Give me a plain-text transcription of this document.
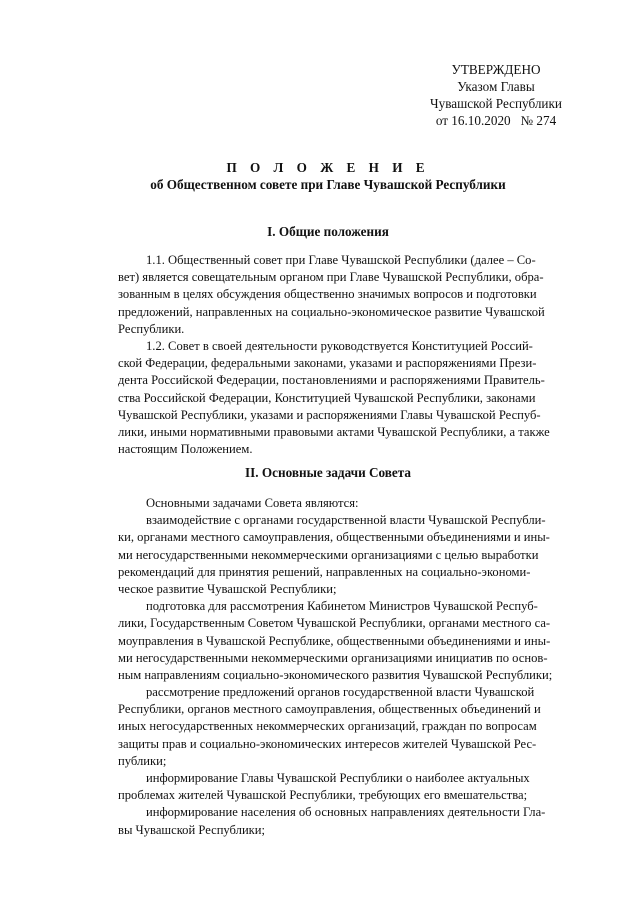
УТВЕРЖДЕНО
Указом Главы
Чувашской Республики
от 16.10.2020   № 274
П О Л О Ж Е Н И Е
об Общественном совете при Главе Чувашской Республики
I. Общие положения
1.1. Общественный совет при Главе Чувашской Республики (далее – Со-
вет) является совещательным органом при Главе Чувашской Республики, обра-
зованным в целях обсуждения общественно значимых вопросов и подготовки
предложений, направленных на социально-экономическое развитие Чувашской
Республики.
1.2. Совет в своей деятельности руководствуется Конституцией Россий-
ской Федерации, федеральными законами, указами и распоряжениями Прези-
дента Российской Федерации, постановлениями и распоряжениями Правитель-
ства Российской Федерации, Конституцией Чувашской Республики, законами
Чувашской Республики, указами и распоряжениями Главы Чувашской Респуб-
лики, иными нормативными правовыми актами Чувашской Республики, а также
настоящим Положением.
II. Основные задачи Совета
Основными задачами Совета являются:
взаимодействие с органами государственной власти Чувашской Республи-
ки, органами местного самоуправления, общественными объединениями и ины-
ми негосударственными некоммерческими организациями с целью выработки
рекомендаций для принятия решений, направленных на социально-экономи-
ческое развитие Чувашской Республики;
подготовка для рассмотрения Кабинетом Министров Чувашской Респуб-
лики, Государственным Советом Чувашской Республики, органами местного са-
моуправления в Чувашской Республике, общественными объединениями и ины-
ми негосударственными некоммерческими организациями инициатив по основ-
ным направлениям социально-экономического развития Чувашской Республики;
рассмотрение предложений органов государственной власти Чувашской
Республики, органов местного самоуправления, общественных объединений и
иных негосударственных некоммерческих организаций, граждан по вопросам
защиты прав и социально-экономических интересов жителей Чувашской Рес-
публики;
информирование Главы Чувашской Республики о наиболее актуальных
проблемах жителей Чувашской Республики, требующих его вмешательства;
информирование населения об основных направлениях деятельности Гла-
вы Чувашской Республики;
